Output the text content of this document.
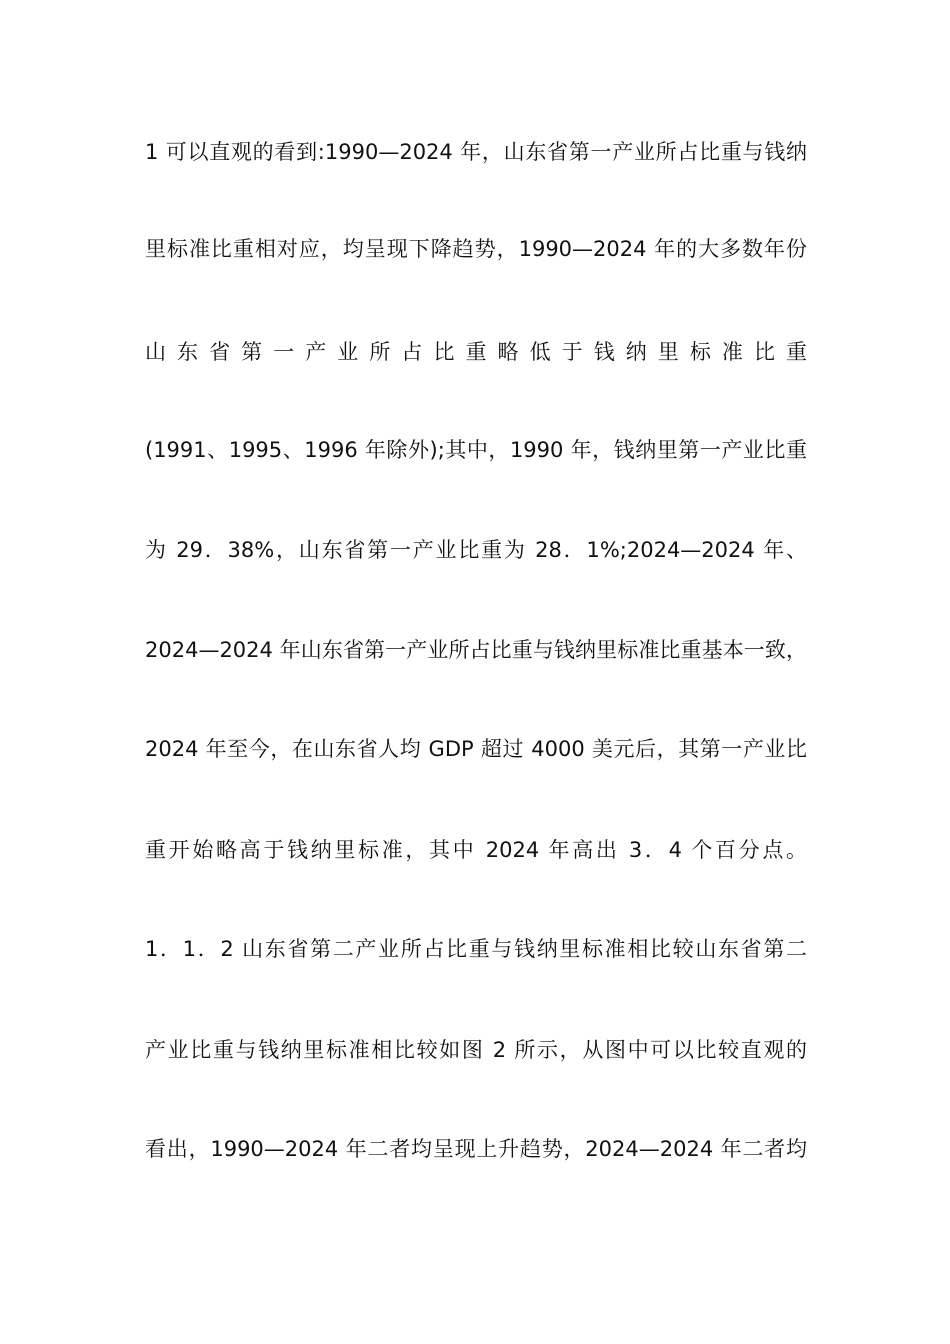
1 可以直观的看到:1990—2024 年，山东省第一产业所占比重与钱纳
里标准比重相对应，均呈现下降趋势，1990—2024 年的大多数年份
山 东 省 第 一 产 业 所 占 比 重 略 低 于 钱 纳 里 标 准 比 重
(1991、1995、1996 年除外);其中，1990 年，钱纳里第一产业比重
为 29．38%，山东省第一产业比重为 28．1%;2024—2024 年、
2024—2024 年山东省第一产业所占比重与钱纳里标准比重基本一致，
2024 年至今，在山东省人均 GDP 超过 4000 美元后，其第一产业比
重开始略高于钱纳里标准，其中 2024 年高出 3．4 个百分点。
1．1．2 山东省第二产业所占比重与钱纳里标准相比较山东省第二
产业比重与钱纳里标准相比较如图 2 所示，从图中可以比较直观的
看出，1990—2024 年二者均呈现上升趋势，2024—2024 年二者均
